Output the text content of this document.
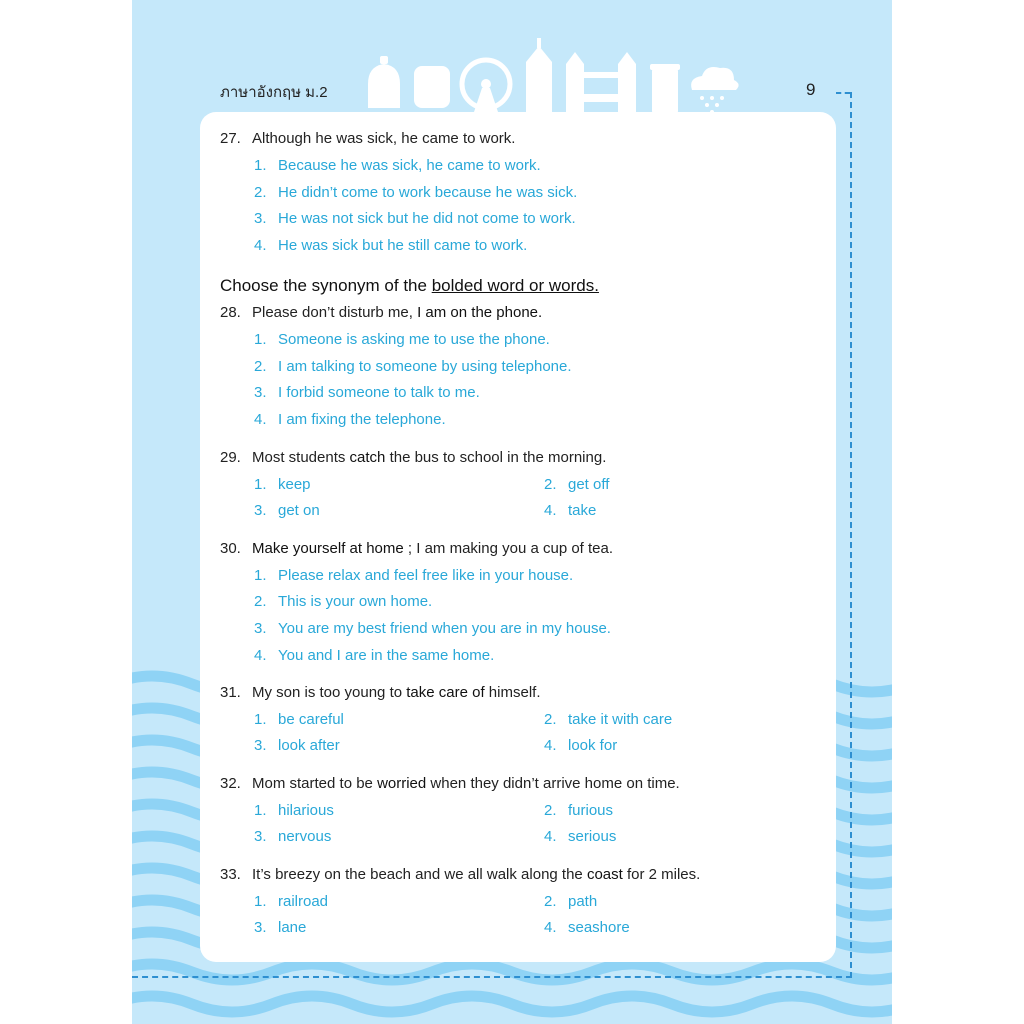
ภาษาอังกฤษ ม.2	9
27. Although he was sick, he came to work.
1. Because he was sick, he came to work.
2. He didn’t come to work because he was sick.
3. He was not sick but he did not come to work.
4. He was sick but he still came to work.
Choose the synonym of the bolded word or words.
28. Please don’t disturb me, I am on the phone.
1. Someone is asking me to use the phone.
2. I am talking to someone by using telephone.
3. I forbid someone to talk to me.
4. I am fixing the telephone.
29. Most students catch the bus to school in the morning.
1. keep	2. get off
3. get on	4. take
30. Make yourself at home ; I am making you a cup of tea.
1. Please relax and feel free like in your house.
2. This is your own home.
3. You are my best friend when you are in my house.
4. You and I are in the same home.
31. My son is too young to take care of himself.
1. be careful	2. take it with care
3. look after	4. look for
32. Mom started to be worried when they didn’t arrive home on time.
1. hilarious	2. furious
3. nervous	4. serious
33. It’s breezy on the beach and we all walk along the coast for 2 miles.
1. railroad	2. path
3. lane	4. seashore
